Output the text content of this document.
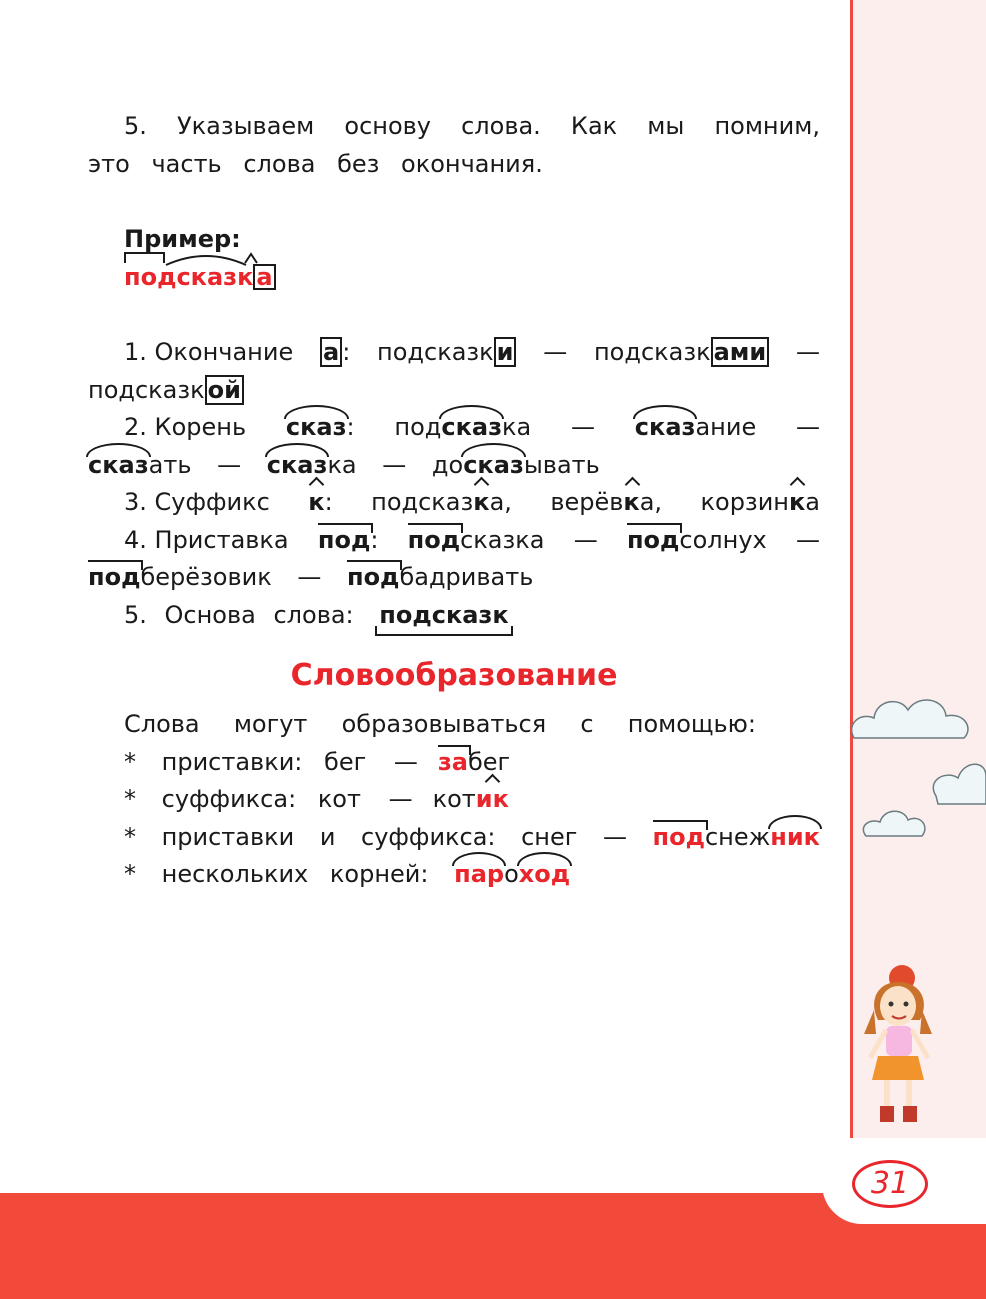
31
5. Указываем основу слова. Как мы помним,
это часть слова без окончания.
Пример:
подсказк а
1. Окончание а : подсказк и — подсказк ами —
подсказк ой
2. Корень сказ: подсказка — сказание —
сказать — сказка — досказывать
3. Суффикс к: подсказка, верёвка, корзинка
4. Приставка под: подсказка — подсолнух —
подберёзовик — подбадривать
5. Основа слова: подсказк
Словообразование
Слова могут образовываться с помощью:
* приставки: бег — забег
* суффикса: кот — котик
* приставки и суффикса: снег — подснежник
* нескольких корней: пароход
